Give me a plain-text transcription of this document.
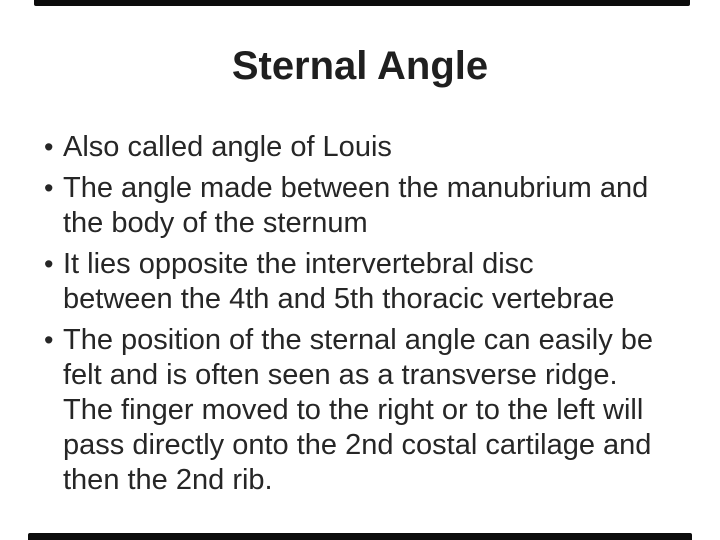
Sternal Angle
• Also called angle of Louis
• The angle made between the manubrium and
the body of the sternum
• It lies opposite the intervertebral disc
between the 4th and 5th thoracic vertebrae
• The position of the sternal angle can easily be
felt and is often seen as a transverse ridge.
The finger moved to the right or to the left will
pass directly onto the 2nd costal cartilage and
then the 2nd rib.
